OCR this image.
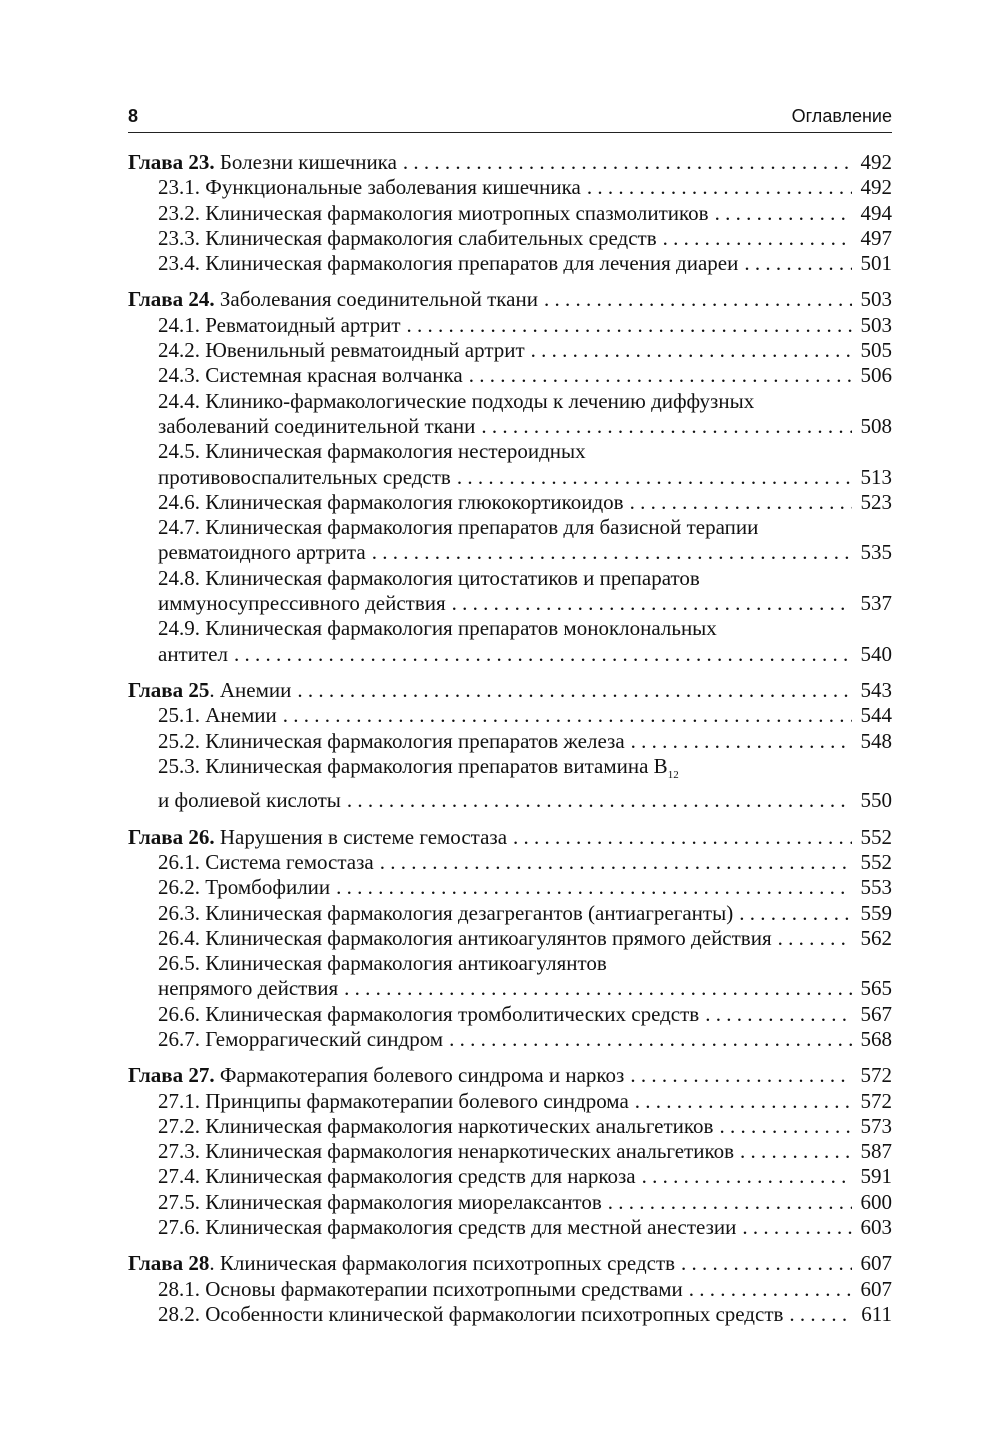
8	Оглавление
Глава 23. Болезни кишечника . . .	492
23.1. Функциональные заболевания кишечника . . .	492
23.2. Клиническая фармакология миотропных спазмолитиков . . .	494
23.3. Клиническая фармакология слабительных средств . . .	497
23.4. Клиническая фармакология препаратов для лечения диареи . . .	501
Глава 24. Заболевания соединительной ткани . . .	503
24.1. Ревматоидный артрит . . .	503
24.2. Ювенильный ревматоидный артрит . . .	505
24.3. Системная красная волчанка . . .	506
24.4. Клинико-фармакологические подходы к лечению диффузных
заболеваний соединительной ткани . . .	508
24.5. Клиническая фармакология нестероидных
противовоспалительных средств . . .	513
24.6. Клиническая фармакология глюкокортикоидов . . .	523
24.7. Клиническая фармакология препаратов для базисной терапии
ревматоидного артрита . . .	535
24.8. Клиническая фармакология цитостатиков и препаратов
иммуносупрессивного действия . . .	537
24.9. Клиническая фармакология препаратов моноклональных
антител . . .	540
Глава 25. Анемии . . .	543
25.1. Анемии . . .	544
25.2. Клиническая фармакология препаратов железа . . .	548
25.3. Клиническая фармакология препаратов витамина $B_{12}$
и фолиевой кислоты . . .	550
Глава 26. Нарушения в системе гемостаза . . .	552
26.1. Система гемостаза . . .	552
26.2. Тромбофилии . . .	553
26.3. Клиническая фармакология дезагрегантов (антиагреганты) . . .	559
26.4. Клиническая фармакология антикоагулянтов прямого действия . . .	562
26.5. Клиническая фармакология антикоагулянтов
непрямого действия . . .	565
26.6. Клиническая фармакология тромболитических средств . . .	567
26.7. Геморрагический синдром . . .	568
Глава 27. Фармакотерапия болевого синдрома и наркоз . . .	572
27.1. Принципы фармакотерапии болевого синдрома . . .	572
27.2. Клиническая фармакология наркотических анальгетиков . . .	573
27.3. Клиническая фармакология ненаркотических анальгетиков . . .	587
27.4. Клиническая фармакология средств для наркоза . . .	591
27.5. Клиническая фармакология миорелаксантов . . .	600
27.6. Клиническая фармакология средств для местной анестезии . . .	603
Глава 28. Клиническая фармакология психотропных средств . . .	607
28.1. Основы фармакотерапии психотропными средствами . . .	607
28.2. Особенности клинической фармакологии психотропных средств . . .	611
